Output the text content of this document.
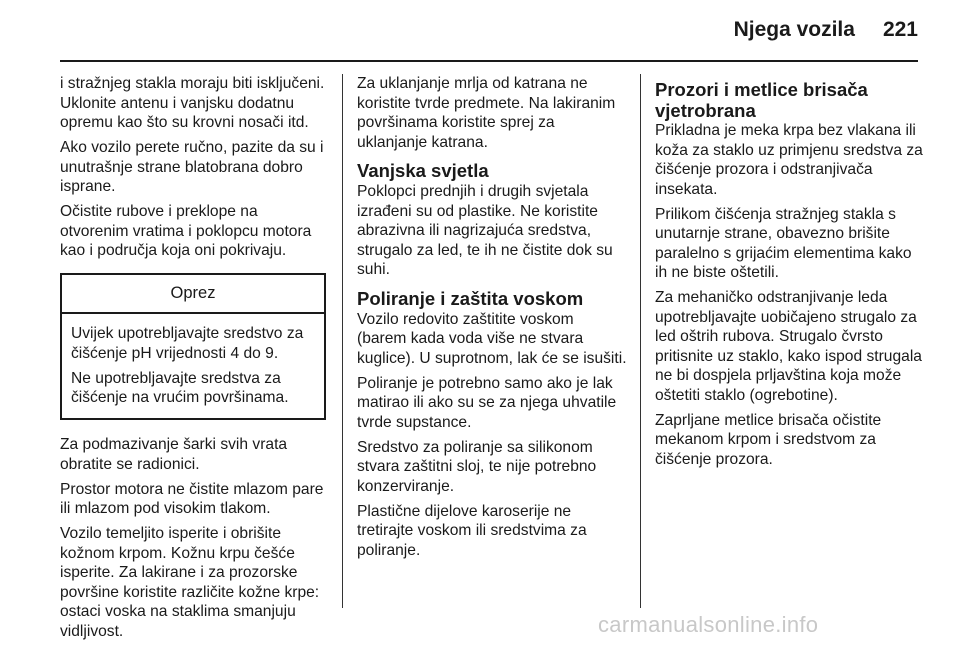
Njega vozila 221

i stražnjeg stakla moraju biti isključeni. Uklonite antenu i vanjsku dodatnu opremu kao što su krovni nosači itd.

Ako vozilo perete ručno, pazite da su i unutrašnje strane blatobrana dobro isprane.

Očistite rubove i preklope na otvorenim vratima i poklopcu motora kao i područja koja oni pokrivaju.

Oprez

Uvijek upotrebljavajte sredstvo za čišćenje pH vrijednosti 4 do 9.

Ne upotrebljavajte sredstva za čišćenje na vrućim površinama.

Za podmazivanje šarki svih vrata obratite se radionici.

Prostor motora ne čistite mlazom pare ili mlazom pod visokim tlakom.

Vozilo temeljito isperite i obrišite kožnom krpom. Kožnu krpu češće isperite. Za lakirane i za prozorske površine koristite različite kožne krpe: ostaci voska na staklima smanjuju vidljivost.

Za uklanjanje mrlja od katrana ne koristite tvrde predmete. Na lakiranim površinama koristite sprej za uklanjanje katrana.

Vanjska svjetla

Poklopci prednjih i drugih svjetala izrađeni su od plastike. Ne koristite abrazivna ili nagrizajuća sredstva, strugalo za led, te ih ne čistite dok su suhi.

Poliranje i zaštita voskom

Vozilo redovito zaštitite voskom (barem kada voda više ne stvara kuglice). U suprotnom, lak će se isušiti.

Poliranje je potrebno samo ako je lak matirao ili ako su se za njega uhvatile tvrde supstance.

Sredstvo za poliranje sa silikonom stvara zaštitni sloj, te nije potrebno konzerviranje.

Plastične dijelove karoserije ne tretirajte voskom ili sredstvima za poliranje.

Prozori i metlice brisača vjetrobrana

Prikladna je meka krpa bez vlakana ili koža za staklo uz primjenu sredstva za čišćenje prozora i odstranjivača insekata.

Prilikom čišćenja stražnjeg stakla s unutarnje strane, obavezno brišite paralelno s grijaćim elementima kako ih ne biste oštetili.

Za mehaničko odstranjivanje leda upotrebljavajte uobičajeno strugalo za led oštrih rubova. Strugalo čvrsto pritisnite uz staklo, kako ispod strugala ne bi dospjela prljavština koja može oštetiti staklo (ogrebotine).

Zaprljane metlice brisača očistite mekanom krpom i sredstvom za čišćenje prozora.

carmanualsonline.info
